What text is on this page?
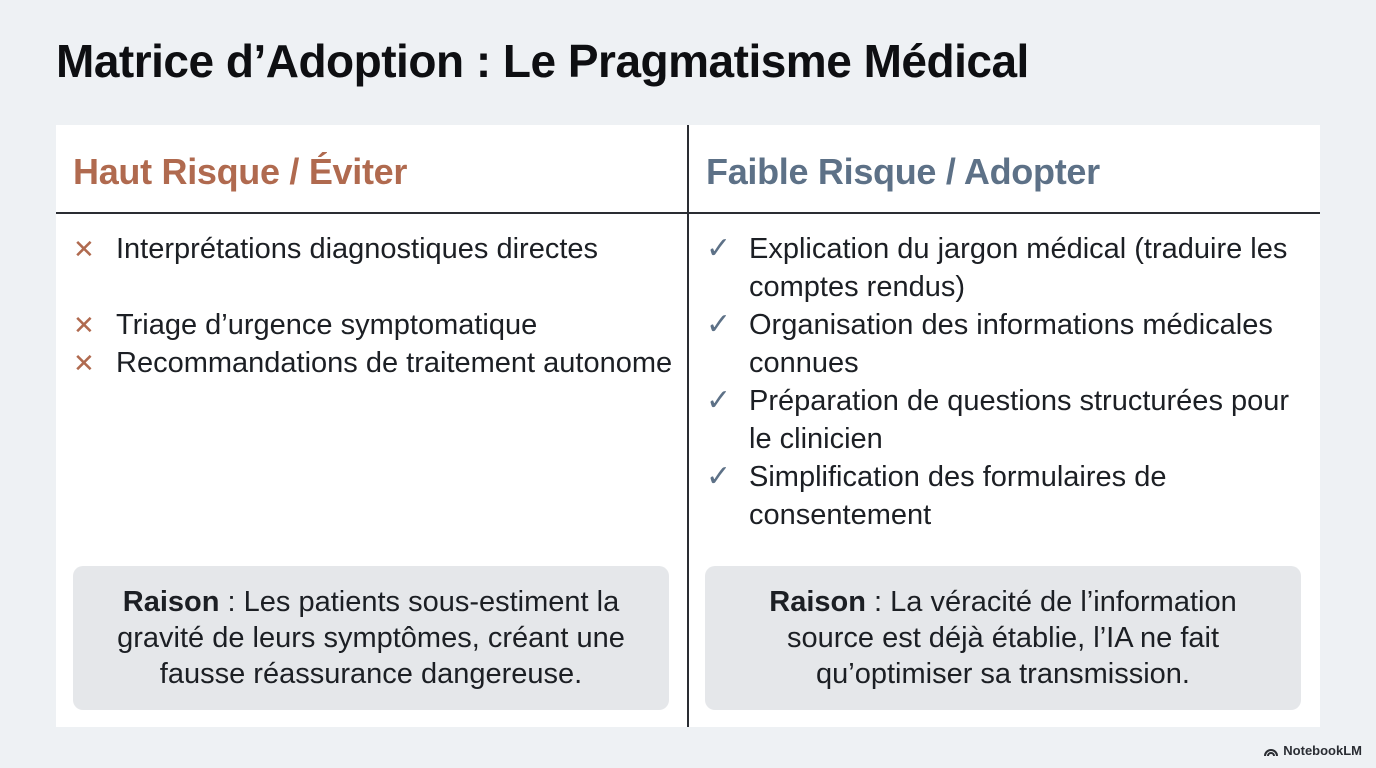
Matrice d’Adoption : Le Pragmatisme Médical
Haut Risque / Éviter
✕ Interprétations diagnostiques directes
✕ Triage d’urgence symptomatique
✕ Recommandations de traitement autonome
Raison : Les patients sous-estiment la gravité de leurs symptômes, créant une fausse réassurance dangereuse.
Faible Risque / Adopter
✓ Explication du jargon médical (traduire les comptes rendus)
✓ Organisation des informations médicales connues
✓ Préparation de questions structurées pour le clinicien
✓ Simplification des formulaires de consentement
Raison : La véracité de l’information source est déjà établie, l’IA ne fait qu’optimiser sa transmission.
NotebookLM
